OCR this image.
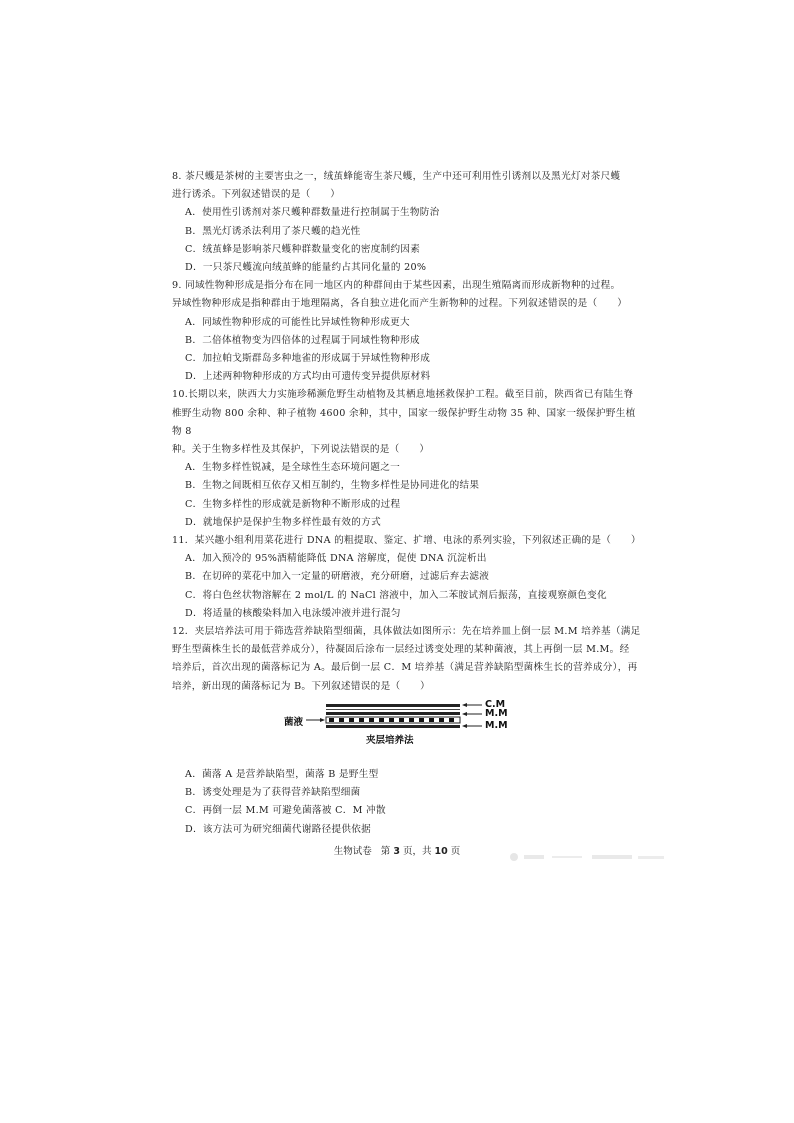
8. 茶尺蠖是茶树的主要害虫之一，绒茧蜂能寄生茶尺蠖，生产中还可利用性引诱剂以及黑光灯对茶尺蠖

进行诱杀。下列叙述错误的是（　　）

A．使用性引诱剂对茶尺蠖种群数量进行控制属于生物防治

B．黑光灯诱杀法利用了茶尺蠖的趋光性

C．绒茧蜂是影响茶尺蠖种群数量变化的密度制约因素

D．一只茶尺蠖流向绒茧蜂的能量约占其同化量的 20%

9. 同域性物种形成是指分布在同一地区内的种群间由于某些因素，出现生殖隔离而形成新物种的过程。

异域性物种形成是指种群由于地理隔离，各自独立进化而产生新物种的过程。下列叙述错误的是（　　）

A．同域性物种形成的可能性比异域性物种形成更大

B．二倍体植物变为四倍体的过程属于同域性物种形成

C．加拉帕戈斯群岛多种地雀的形成属于异域性物种形成

D．上述两种物种形成的方式均由可遗传变异提供原材料

10.长期以来，陕西大力实施珍稀濒危野生动植物及其栖息地拯救保护工程。截至目前，陕西省已有陆生脊

椎野生动物 800 余种、种子植物 4600 余种，其中，国家一级保护野生动物 35 种、国家一级保护野生植物 8

种。关于生物多样性及其保护，下列说法错误的是（　　）

A．生物多样性锐减，是全球性生态环境问题之一

B．生物之间既相互依存又相互制约，生物多样性是协同进化的结果

C．生物多样性的形成就是新物种不断形成的过程

D．就地保护是保护生物多样性最有效的方式

11．某兴趣小组利用菜花进行 DNA 的粗提取、鉴定、扩增、电泳的系列实验，下列叙述正确的是（　　）

A．加入预冷的 95%酒精能降低 DNA 溶解度，促使 DNA 沉淀析出

B．在切碎的菜花中加入一定量的研磨液，充分研磨，过滤后弃去滤液

C．将白色丝状物溶解在 2 mol/L 的 NaCl 溶液中，加入二苯胺试剂后振荡，直接观察颜色变化

D．将适量的核酸染料加入电泳缓冲液并进行混匀

12．夹层培养法可用于筛选营养缺陷型细菌，具体做法如图所示：先在培养皿上倒一层 M.M 培养基（满足

野生型菌株生长的最低营养成分），待凝固后涂布一层经过诱变处理的某种菌液，其上再倒一层 M.M。经

培养后，首次出现的菌落标记为 A。最后倒一层 C．M 培养基（满足营养缺陷型菌株生长的营养成分），再

培养，新出现的菌落标记为 B。下列叙述错误的是（　　）

菌液
C.M
M.M
M.M
夹层培养法

A．菌落 A 是营养缺陷型，菌落 B 是野生型

B．诱变处理是为了获得营养缺陷型细菌

C．再倒一层 M.M 可避免菌落被 C．M 冲散

D．该方法可为研究细菌代谢路径提供依据

生物试卷 第 3 页，共 10 页
